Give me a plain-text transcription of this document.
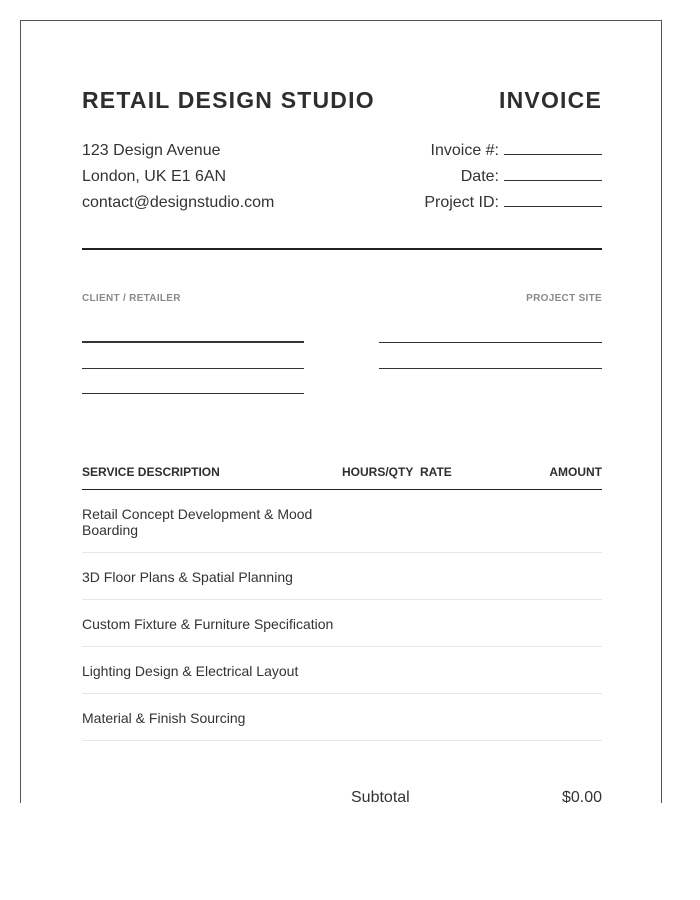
RETAIL DESIGN STUDIO	INVOICE
123 Design Avenue
London, UK E1 6AN
contact@designstudio.com
Invoice #:
Date:
Project ID:
CLIENT / RETAILER	PROJECT SITE
SERVICE DESCRIPTION	HOURS/QTY RATE	AMOUNT
Retail Concept Development & Mood Boarding
3D Floor Plans & Spatial Planning
Custom Fixture & Furniture Specification
Lighting Design & Electrical Layout
Material & Finish Sourcing
Subtotal	$0.00
